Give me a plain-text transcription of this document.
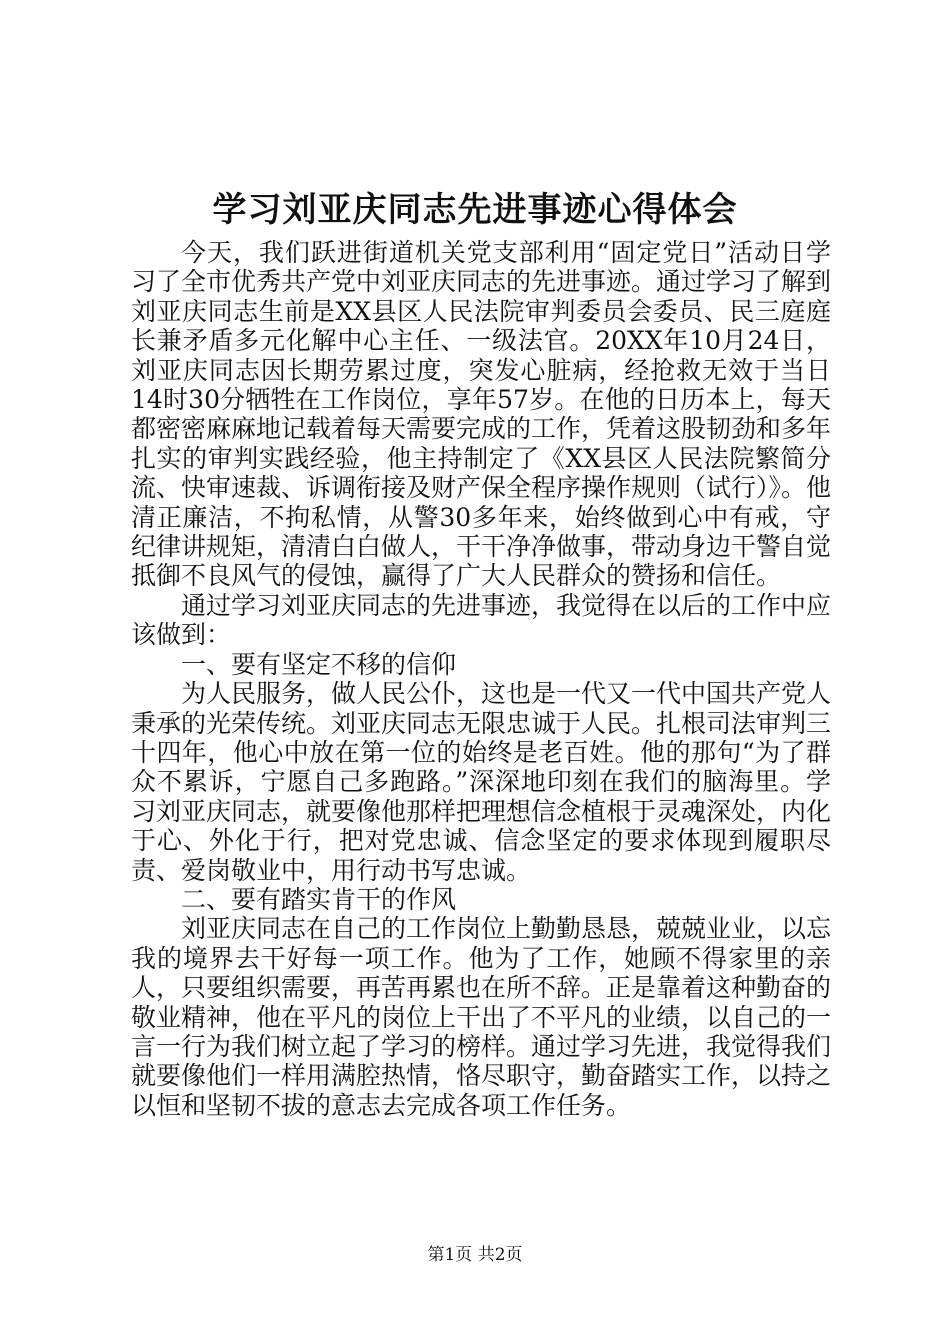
学习刘亚庆同志先进事迹心得体会

今天，我们跃进街道机关党支部利用“固定党日”活动日学习了全市优秀共产党中刘亚庆同志的先进事迹。通过学习了解到刘亚庆同志生前是XX县区人民法院审判委员会委员、民三庭庭长兼矛盾多元化解中心主任、一级法官。20XX年10月24日，刘亚庆同志因长期劳累过度，突发心脏病，经抢救无效于当日14时30分牺牲在工作岗位，享年57岁。在他的日历本上，每天都密密麻麻地记载着每天需要完成的工作，凭着这股韧劲和多年扎实的审判实践经验，他主持制定了《XX县区人民法院繁简分流、快审速裁、诉调衔接及财产保全程序操作规则（试行）》。他清正廉洁，不拘私情，从警30多年来，始终做到心中有戒，守纪律讲规矩，清清白白做人，干干净净做事，带动身边干警自觉抵御不良风气的侵蚀，赢得了广大人民群众的赞扬和信任。

通过学习刘亚庆同志的先进事迹，我觉得在以后的工作中应该做到：

一、要有坚定不移的信仰

为人民服务，做人民公仆，这也是一代又一代中国共产党人秉承的光荣传统。刘亚庆同志无限忠诚于人民。扎根司法审判三十四年，他心中放在第一位的始终是老百姓。他的那句“为了群众不累诉，宁愿自己多跑路。”深深地印刻在我们的脑海里。学习刘亚庆同志，就要像他那样把理想信念植根于灵魂深处，内化于心、外化于行，把对党忠诚、信念坚定的要求体现到履职尽责、爱岗敬业中，用行动书写忠诚。

二、要有踏实肯干的作风

刘亚庆同志在自己的工作岗位上勤勤恳恳，兢兢业业，以忘我的境界去干好每一项工作。他为了工作，她顾不得家里的亲人，只要组织需要，再苦再累也在所不辞。正是靠着这种勤奋的敬业精神，他在平凡的岗位上干出了不平凡的业绩，以自己的一言一行为我们树立起了学习的榜样。通过学习先进，我觉得我们就要像他们一样用满腔热情，恪尽职守，勤奋踏实工作，以持之以恒和坚韧不拔的意志去完成各项工作任务。

第1页 共2页
